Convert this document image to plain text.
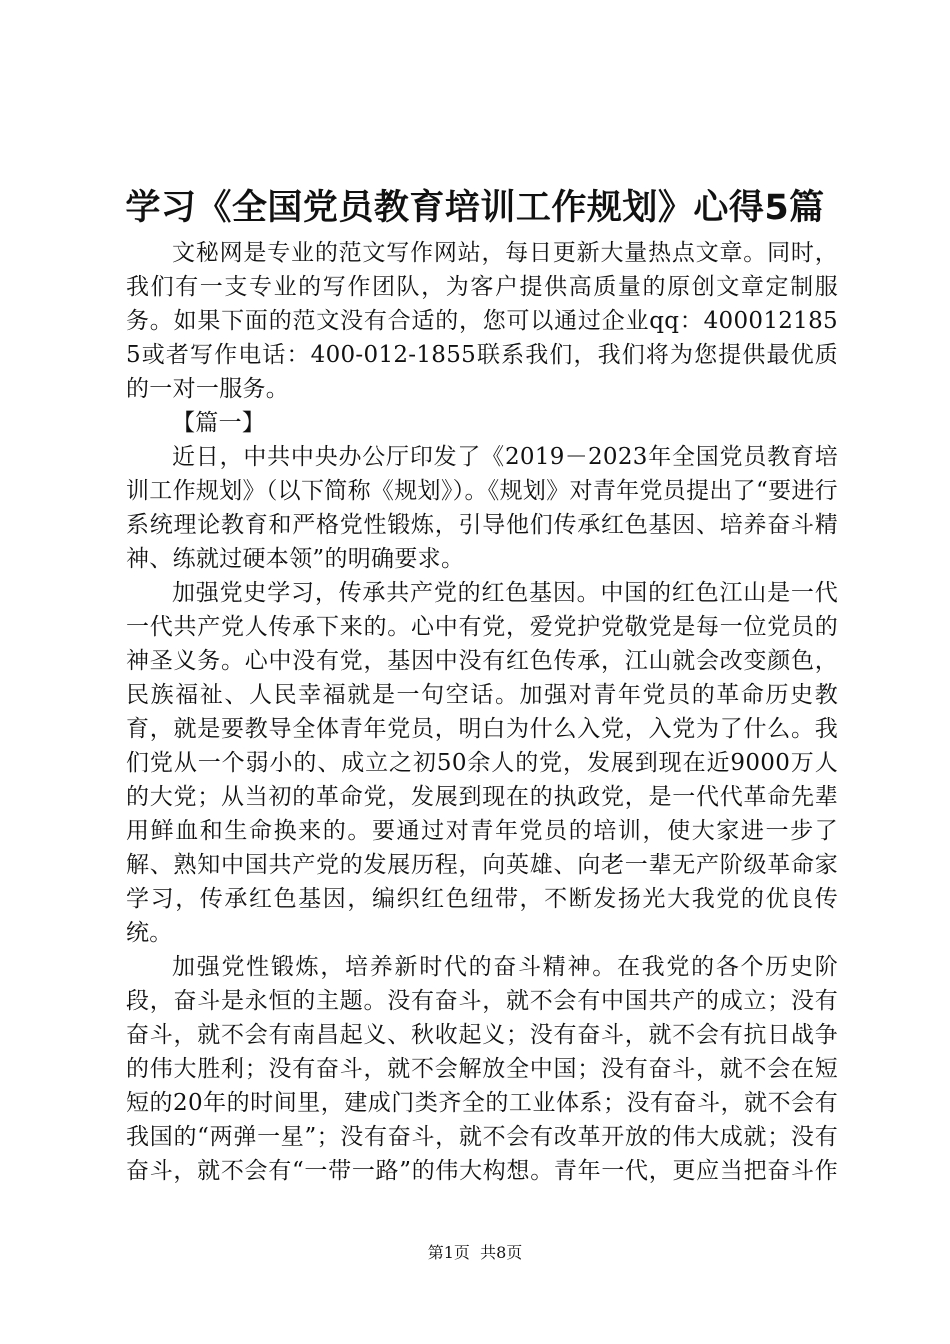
学习《全国党员教育培训工作规划》心得5篇

文秘网是专业的范文写作网站，每日更新大量热点文章。同时，我们有一支专业的写作团队，为客户提供高质量的原创文章定制服务。如果下面的范文没有合适的，您可以通过企业qq：4000121855或者写作电话：400-012-1855联系我们，我们将为您提供最优质的一对一服务。

【篇一】

近日，中共中央办公厅印发了《2019－2023年全国党员教育培训工作规划》（以下简称《规划》）。《规划》对青年党员提出了“要进行系统理论教育和严格党性锻炼，引导他们传承红色基因、培养奋斗精神、练就过硬本领”的明确要求。

加强党史学习，传承共产党的红色基因。中国的红色江山是一代一代共产党人传承下来的。心中有党，爱党护党敬党是每一位党员的神圣义务。心中没有党，基因中没有红色传承，江山就会改变颜色，民族福祉、人民幸福就是一句空话。加强对青年党员的革命历史教育，就是要教导全体青年党员，明白为什么入党，入党为了什么。我们党从一个弱小的、成立之初50余人的党，发展到现在近9000万人的大党；从当初的革命党，发展到现在的执政党，是一代代革命先辈用鲜血和生命换来的。要通过对青年党员的培训，使大家进一步了解、熟知中国共产党的发展历程，向英雄、向老一辈无产阶级革命家学习，传承红色基因，编织红色纽带，不断发扬光大我党的优良传统。

加强党性锻炼，培养新时代的奋斗精神。在我党的各个历史阶段，奋斗是永恒的主题。没有奋斗，就不会有中国共产的成立；没有奋斗，就不会有南昌起义、秋收起义；没有奋斗，就不会有抗日战争的伟大胜利；没有奋斗，就不会解放全中国；没有奋斗，就不会在短短的20年的时间里，建成门类齐全的工业体系；没有奋斗，就不会有我国的“两弹一星”；没有奋斗，就不会有改革开放的伟大成就；没有奋斗，就不会有“一带一路”的伟大构想。青年一代，更应当把奋斗作

第1页  共8页
